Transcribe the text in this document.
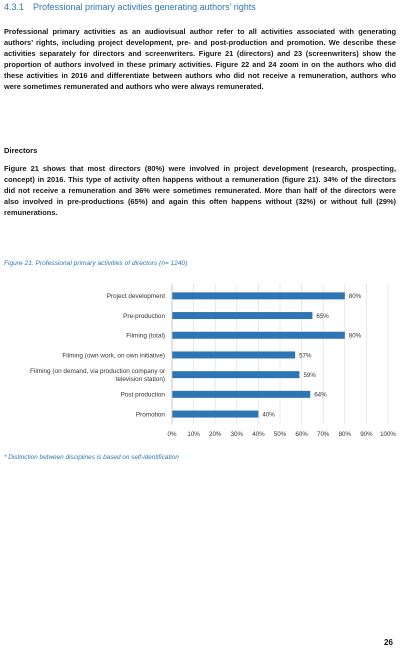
4.3.1 Professional primary activities generating authors’ rights

Professional primary activities as an audiovisual author refer to all activities associated with generating authors’ rights, including project development, pre- and post-production and promotion. We describe these activities separately for directors and screenwriters. Figure 21 (directors) and 23 (screenwriters) show the proportion of authors involved in these primary activities. Figure 22 and 24 zoom in on the authors who did these activities in 2016 and differentiate between authors who did not receive a remuneration, authors who were sometimes remunerated and authors who were always remunerated.

Directors

Figure 21 shows that most directors (80%) were involved in project development (research, prospecting, concept) in 2016. This type of activity often happens without a remuneration (figure 21). 34% of the directors did not receive a remuneration and 36% were sometimes remunerated. More than half of the directors were also involved in pre-productions (65%) and again this often happens without (32%) or without full (29%) remunerations.

Figure 21. Professional primary activities of directors (n= 1240)
0% 10% 20% 30% 40% 50% 60% 70% 80% 90% 100%
80%
Project development
65%
Pre-production
80%
Filming (total)
57%
Filming (own work, on own initiative)
59%
Filming (on demand, via production company or
television station)
64%
Post production
40%
Promotion
* Distinction between disciplines is based on self-identification
26
